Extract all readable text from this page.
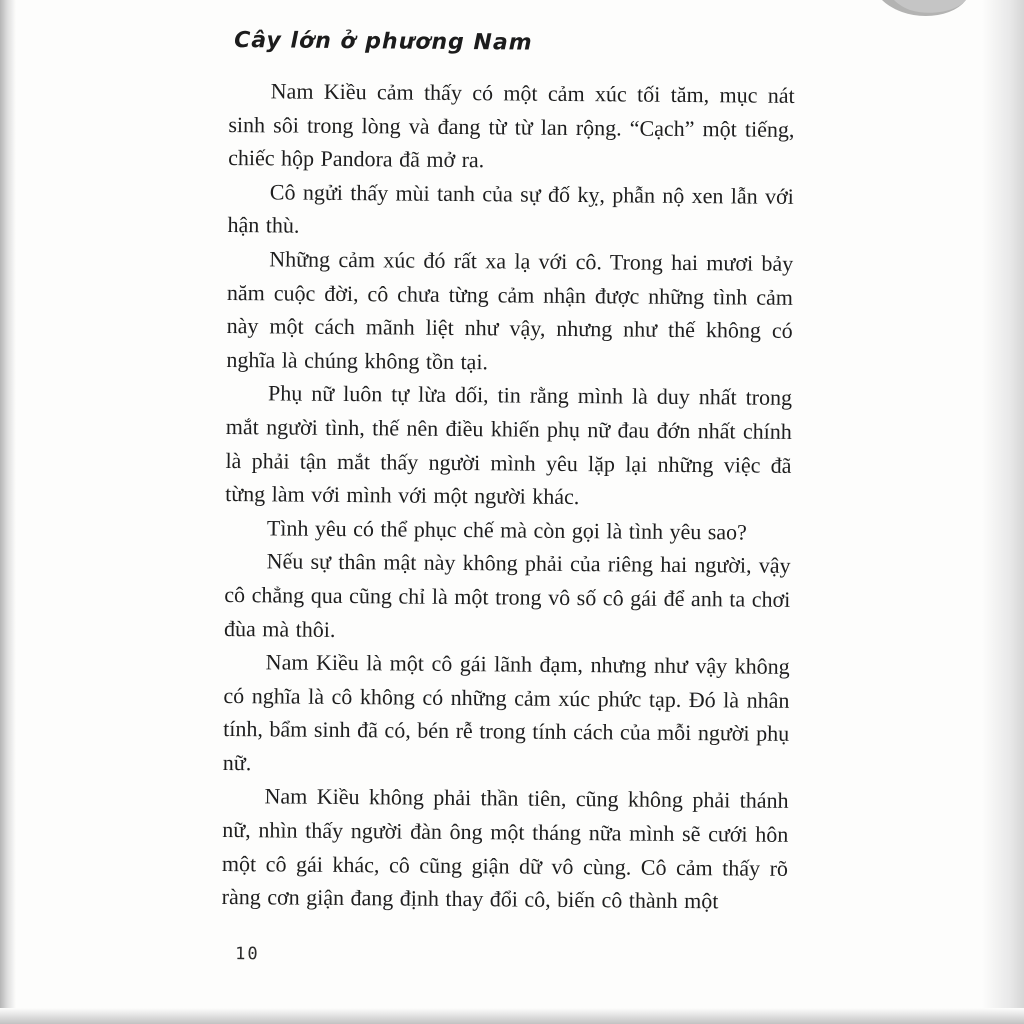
Cây lớn ở phương Nam

Nam Kiều cảm thấy có một cảm xúc tối tăm, mục nát sinh sôi trong lòng và đang từ từ lan rộng. “Cạch” một tiếng, chiếc hộp Pandora đã mở ra.

Cô ngửi thấy mùi tanh của sự đố kỵ, phẫn nộ xen lẫn với hận thù.

Những cảm xúc đó rất xa lạ với cô. Trong hai mươi bảy năm cuộc đời, cô chưa từng cảm nhận được những tình cảm này một cách mãnh liệt như vậy, nhưng như thế không có nghĩa là chúng không tồn tại.

Phụ nữ luôn tự lừa dối, tin rằng mình là duy nhất trong mắt người tình, thế nên điều khiến phụ nữ đau đớn nhất chính là phải tận mắt thấy người mình yêu lặp lại những việc đã từng làm với mình với một người khác.

Tình yêu có thể phục chế mà còn gọi là tình yêu sao?

Nếu sự thân mật này không phải của riêng hai người, vậy cô chẳng qua cũng chỉ là một trong vô số cô gái để anh ta chơi đùa mà thôi.

Nam Kiều là một cô gái lãnh đạm, nhưng như vậy không có nghĩa là cô không có những cảm xúc phức tạp. Đó là nhân tính, bẩm sinh đã có, bén rễ trong tính cách của mỗi người phụ nữ.

Nam Kiều không phải thần tiên, cũng không phải thánh nữ, nhìn thấy người đàn ông một tháng nữa mình sẽ cưới hôn một cô gái khác, cô cũng giận dữ vô cùng. Cô cảm thấy rõ ràng cơn giận đang định thay đổi cô, biến cô thành một

10
